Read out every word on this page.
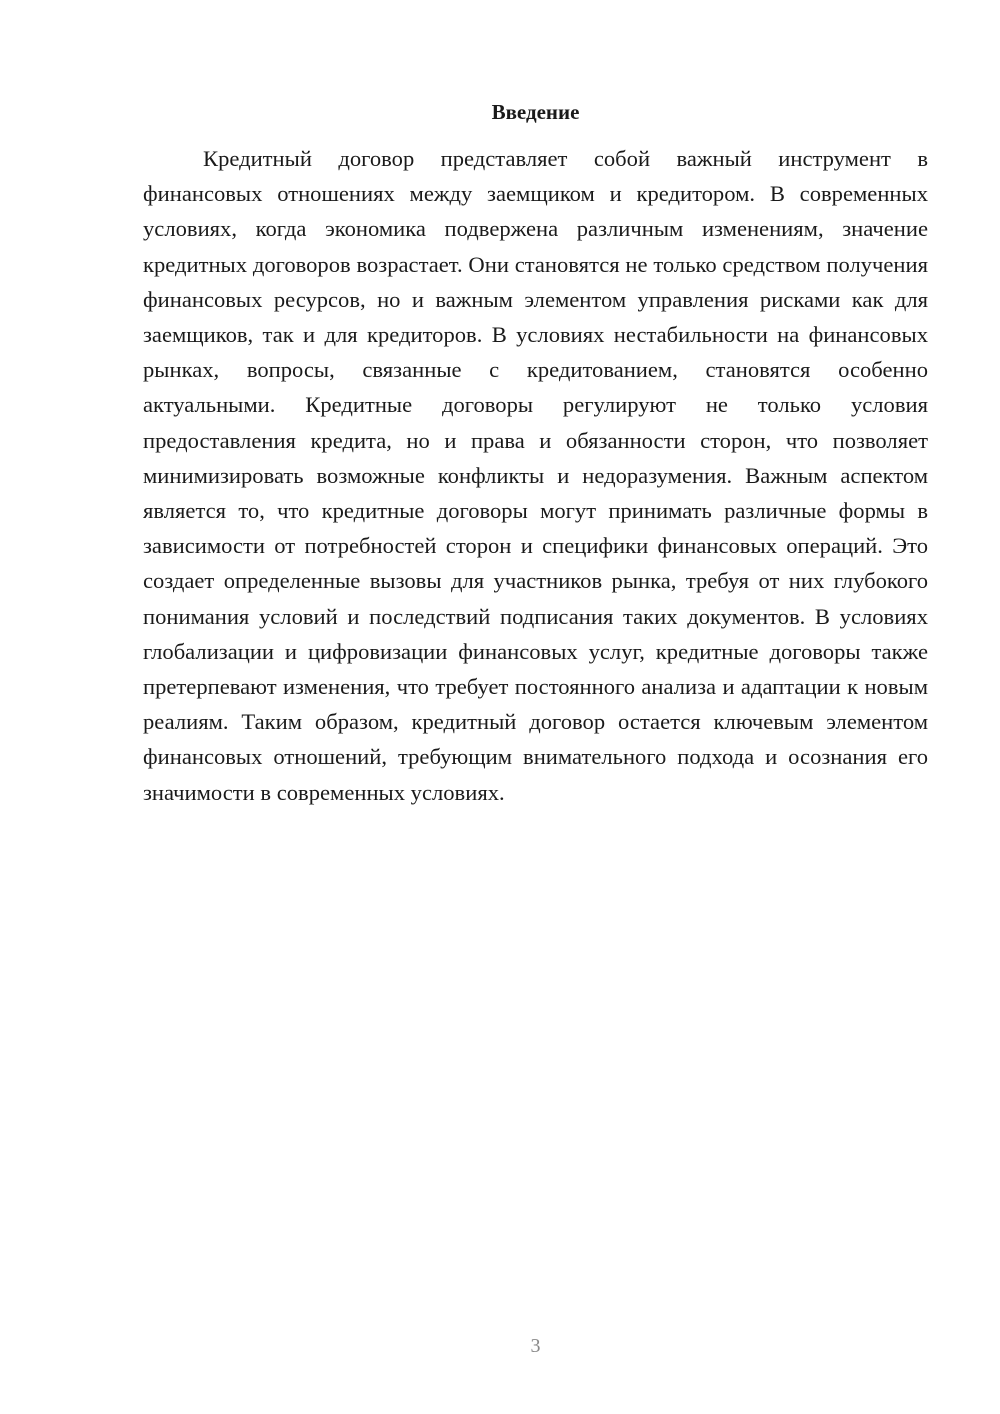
Введение

Кредитный договор представляет собой важный инструмент в финансовых отношениях между заемщиком и кредитором. В современных условиях, когда экономика подвержена различным изменениям, значение кредитных договоров возрастает. Они становятся не только средством получения финансовых ресурсов, но и важным элементом управления рисками как для заемщиков, так и для кредиторов. В условиях нестабильности на финансовых рынках, вопросы, связанные с кредитованием, становятся особенно актуальными. Кредитные договоры регулируют не только условия предоставления кредита, но и права и обязанности сторон, что позволяет минимизировать возможные конфликты и недоразумения. Важным аспектом является то, что кредитные договоры могут принимать различные формы в зависимости от потребностей сторон и специфики финансовых операций. Это создает определенные вызовы для участников рынка, требуя от них глубокого понимания условий и последствий подписания таких документов. В условиях глобализации и цифровизации финансовых услуг, кредитные договоры также претерпевают изменения, что требует постоянного анализа и адаптации к новым реалиям. Таким образом, кредитный договор остается ключевым элементом финансовых отношений, требующим внимательного подхода и осознания его значимости в современных условиях.

3
